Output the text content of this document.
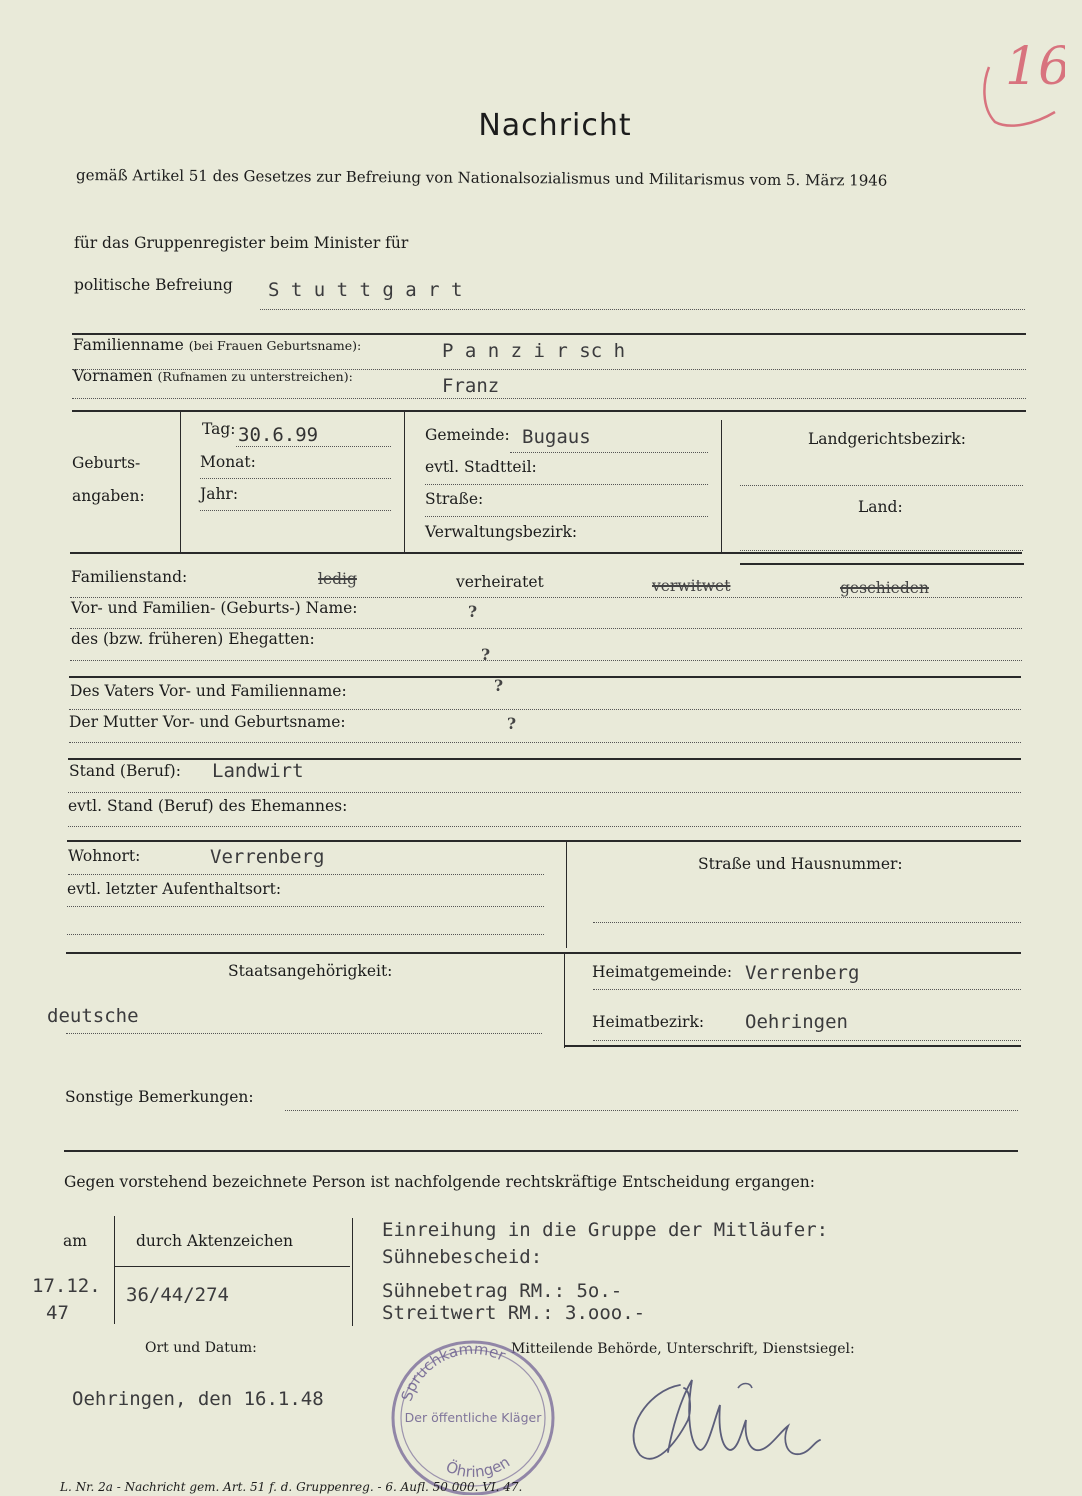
16
Nachricht
gemäß Artikel 51 des Gesetzes zur Befreiung von Nationalsozialismus und Militarismus vom 5. März 1946
für das Gruppenregister beim Minister für
politische Befreiung S t u t t g a r t
Familienname (bei Frauen Geburtsname):	P a n z i r sc h
Vornamen (Rufnamen zu unterstreichen):	Franz
Geburts-
angaben:
Tag: 30.6.99
Monat:
Jahr:
Gemeinde: Bugaus
evtl. Stadtteil:
Straße:
Verwaltungsbezirk:
Landgerichtsbezirk:
Land:
Familienstand:	ledig	verheiratet	verwitwet	geschieden
Vor- und Familien- (Geburts-) Name:	?
des (bzw. früheren) Ehegatten:
?
Des Vaters Vor- und Familienname:	?
Der Mutter Vor- und Geburtsname:	?
Stand (Beruf): Landwirt
evtl. Stand (Beruf) des Ehemannes:
Wohnort:	Verrenberg
evtl. letzter Aufenthaltsort:
Straße und Hausnummer:
Staatsangehörigkeit:
deutsche
Heimatgemeinde: Verrenberg
Heimatbezirk: Oehringen
Sonstige Bemerkungen:
Gegen vorstehend bezeichnete Person ist nachfolgende rechtskräftige Entscheidung ergangen:
am	durch Aktenzeichen
17.12.
47
36/44/274
Einreihung in die Gruppe der Mitläufer:
Sühnebescheid:
Sühnebetrag RM.: 5o.-
Streitwert RM.: 3.ooo.-
Ort und Datum:
Oehringen, den 16.1.48
Mitteilende Behörde, Unterschrift, Dienstsiegel:
Spruchkammer
Der öffentliche Kläger
Öhringen
L. Nr. 2a - Nachricht gem. Art. 51 f. d. Gruppenreg. - 6. Aufl. 50 000. VI. 47.
